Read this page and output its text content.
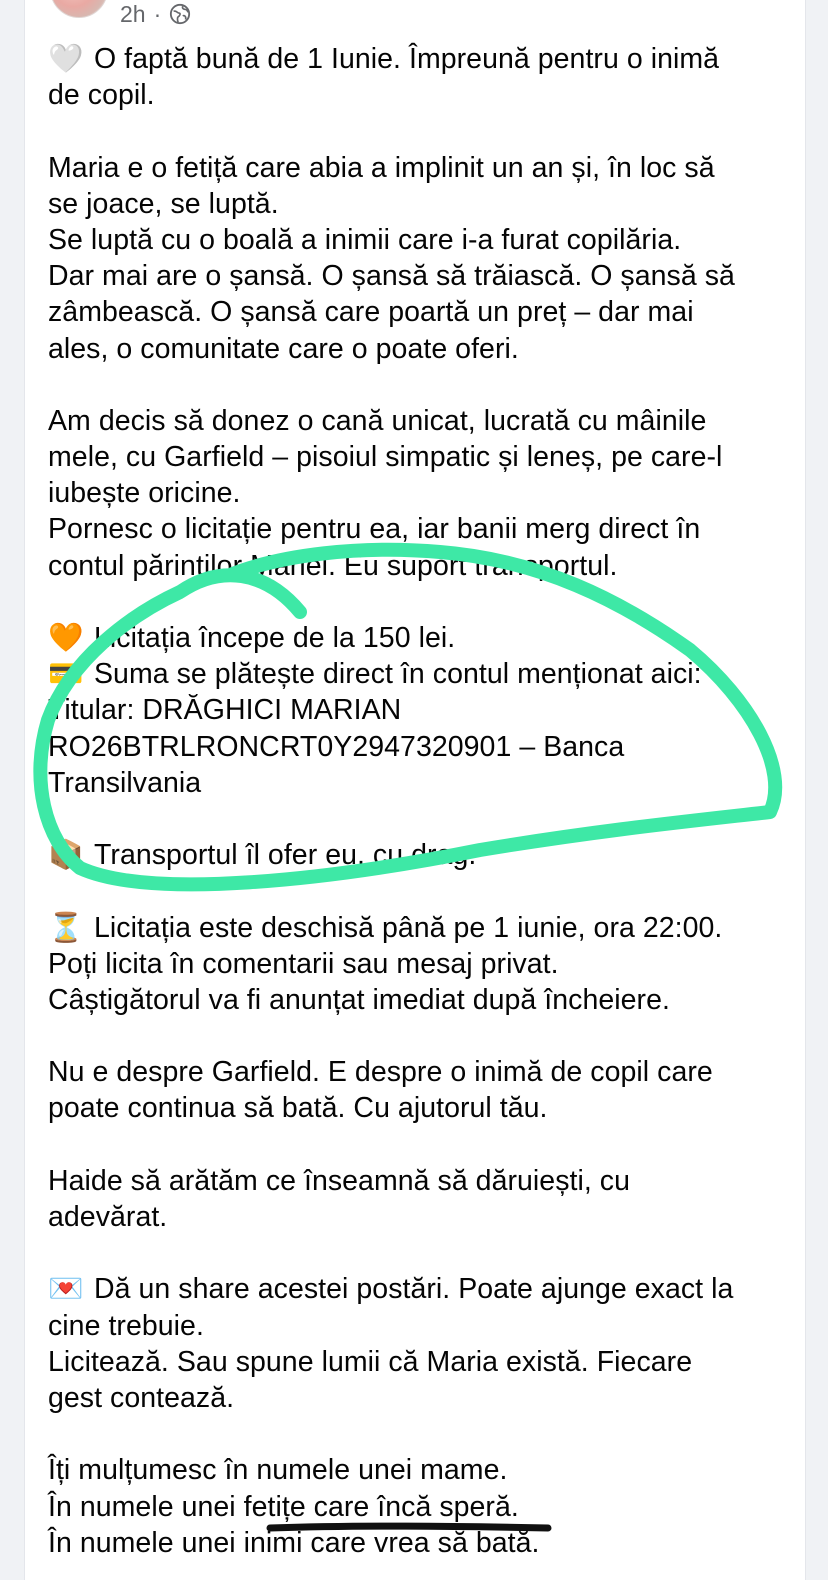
2h ·
🤍 O faptă bună de 1 Iunie. Împreună pentru o inimă
de copil.
Maria e o fetiță care abia a implinit un an și, în loc să
se joace, se luptă.
Se luptă cu o boală a inimii care i-a furat copilăria.
Dar mai are o șansă. O șansă să trăiască. O șansă să
zâmbească. O șansă care poartă un preț – dar mai
ales, o comunitate care o poate oferi.
Am decis să donez o cană unicat, lucrată cu mâinile
mele, cu Garfield – pisoiul simpatic și leneș, pe care-l
iubește oricine.
Pornesc o licitație pentru ea, iar banii merg direct în
contul părinților Mariei. Eu suport transportul.
🧡 Licitația începe de la 150 lei.
💳 Suma se plătește direct în contul menționat aici:
Titular: DRĂGHICI MARIAN
RO26BTRLRONCRT0Y2947320901 – Banca
Transilvania
📦 Transportul îl ofer eu, cu drag.
⏳ Licitația este deschisă până pe 1 iunie, ora 22:00.
Poți licita în comentarii sau mesaj privat.
Câștigătorul va fi anunțat imediat după încheiere.
Nu e despre Garfield. E despre o inimă de copil care
poate continua să bată. Cu ajutorul tău.
Haide să arătăm ce înseamnă să dăruiești, cu
adevărat.
💌 Dă un share acestei postări. Poate ajunge exact la
cine trebuie.
Licitează. Sau spune lumii că Maria există. Fiecare
gest contează.
Îți mulțumesc în numele unei mame.
În numele unei fetițe care încă speră.
În numele unei inimi care vrea să bată.
